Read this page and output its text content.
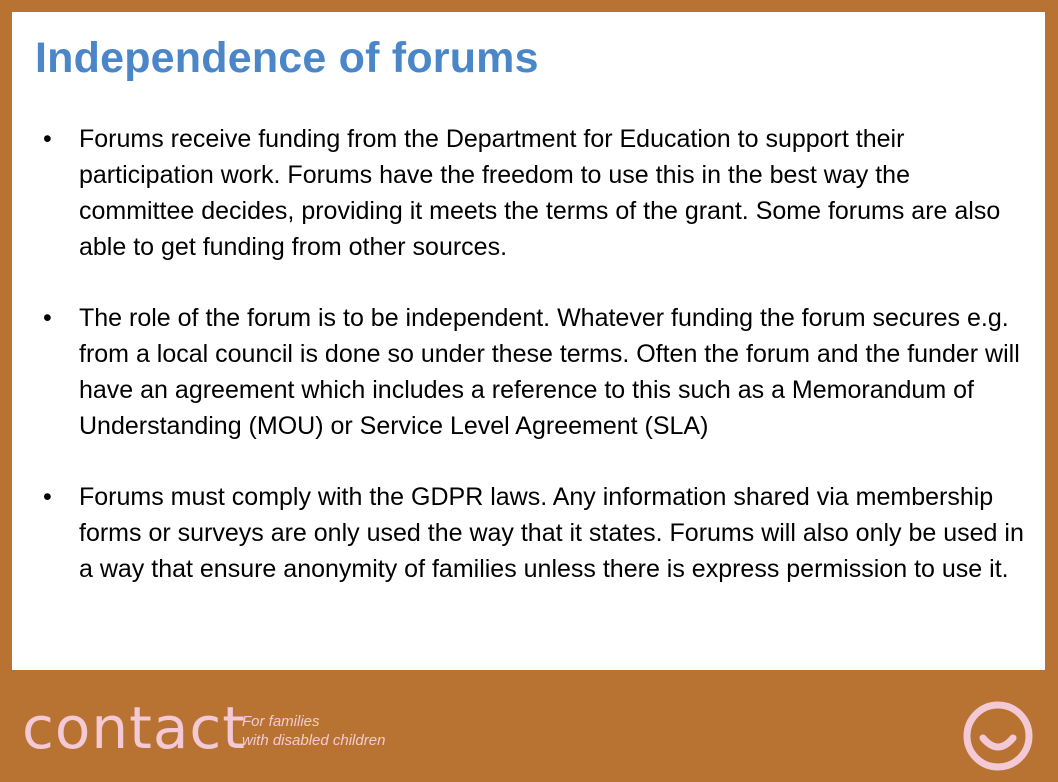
Independence of forums
• Forums receive funding from the Department for Education to support their participation work. Forums have the freedom to use this in the best way the committee decides, providing it meets the terms of the grant. Some forums are also able to get funding from other sources.
• The role of the forum is to be independent. Whatever funding the forum secures e.g. from a local council is done so under these terms. Often the forum and the funder will have an agreement which includes a reference to this such as a Memorandum of Understanding (MOU) or Service Level Agreement (SLA)
• Forums must comply with the GDPR laws. Any information shared via membership forms or surveys are only used the way that it states. Forums will also only be used in a way that ensure anonymity of families unless there is express permission to use it.
contact
For families
with disabled children
